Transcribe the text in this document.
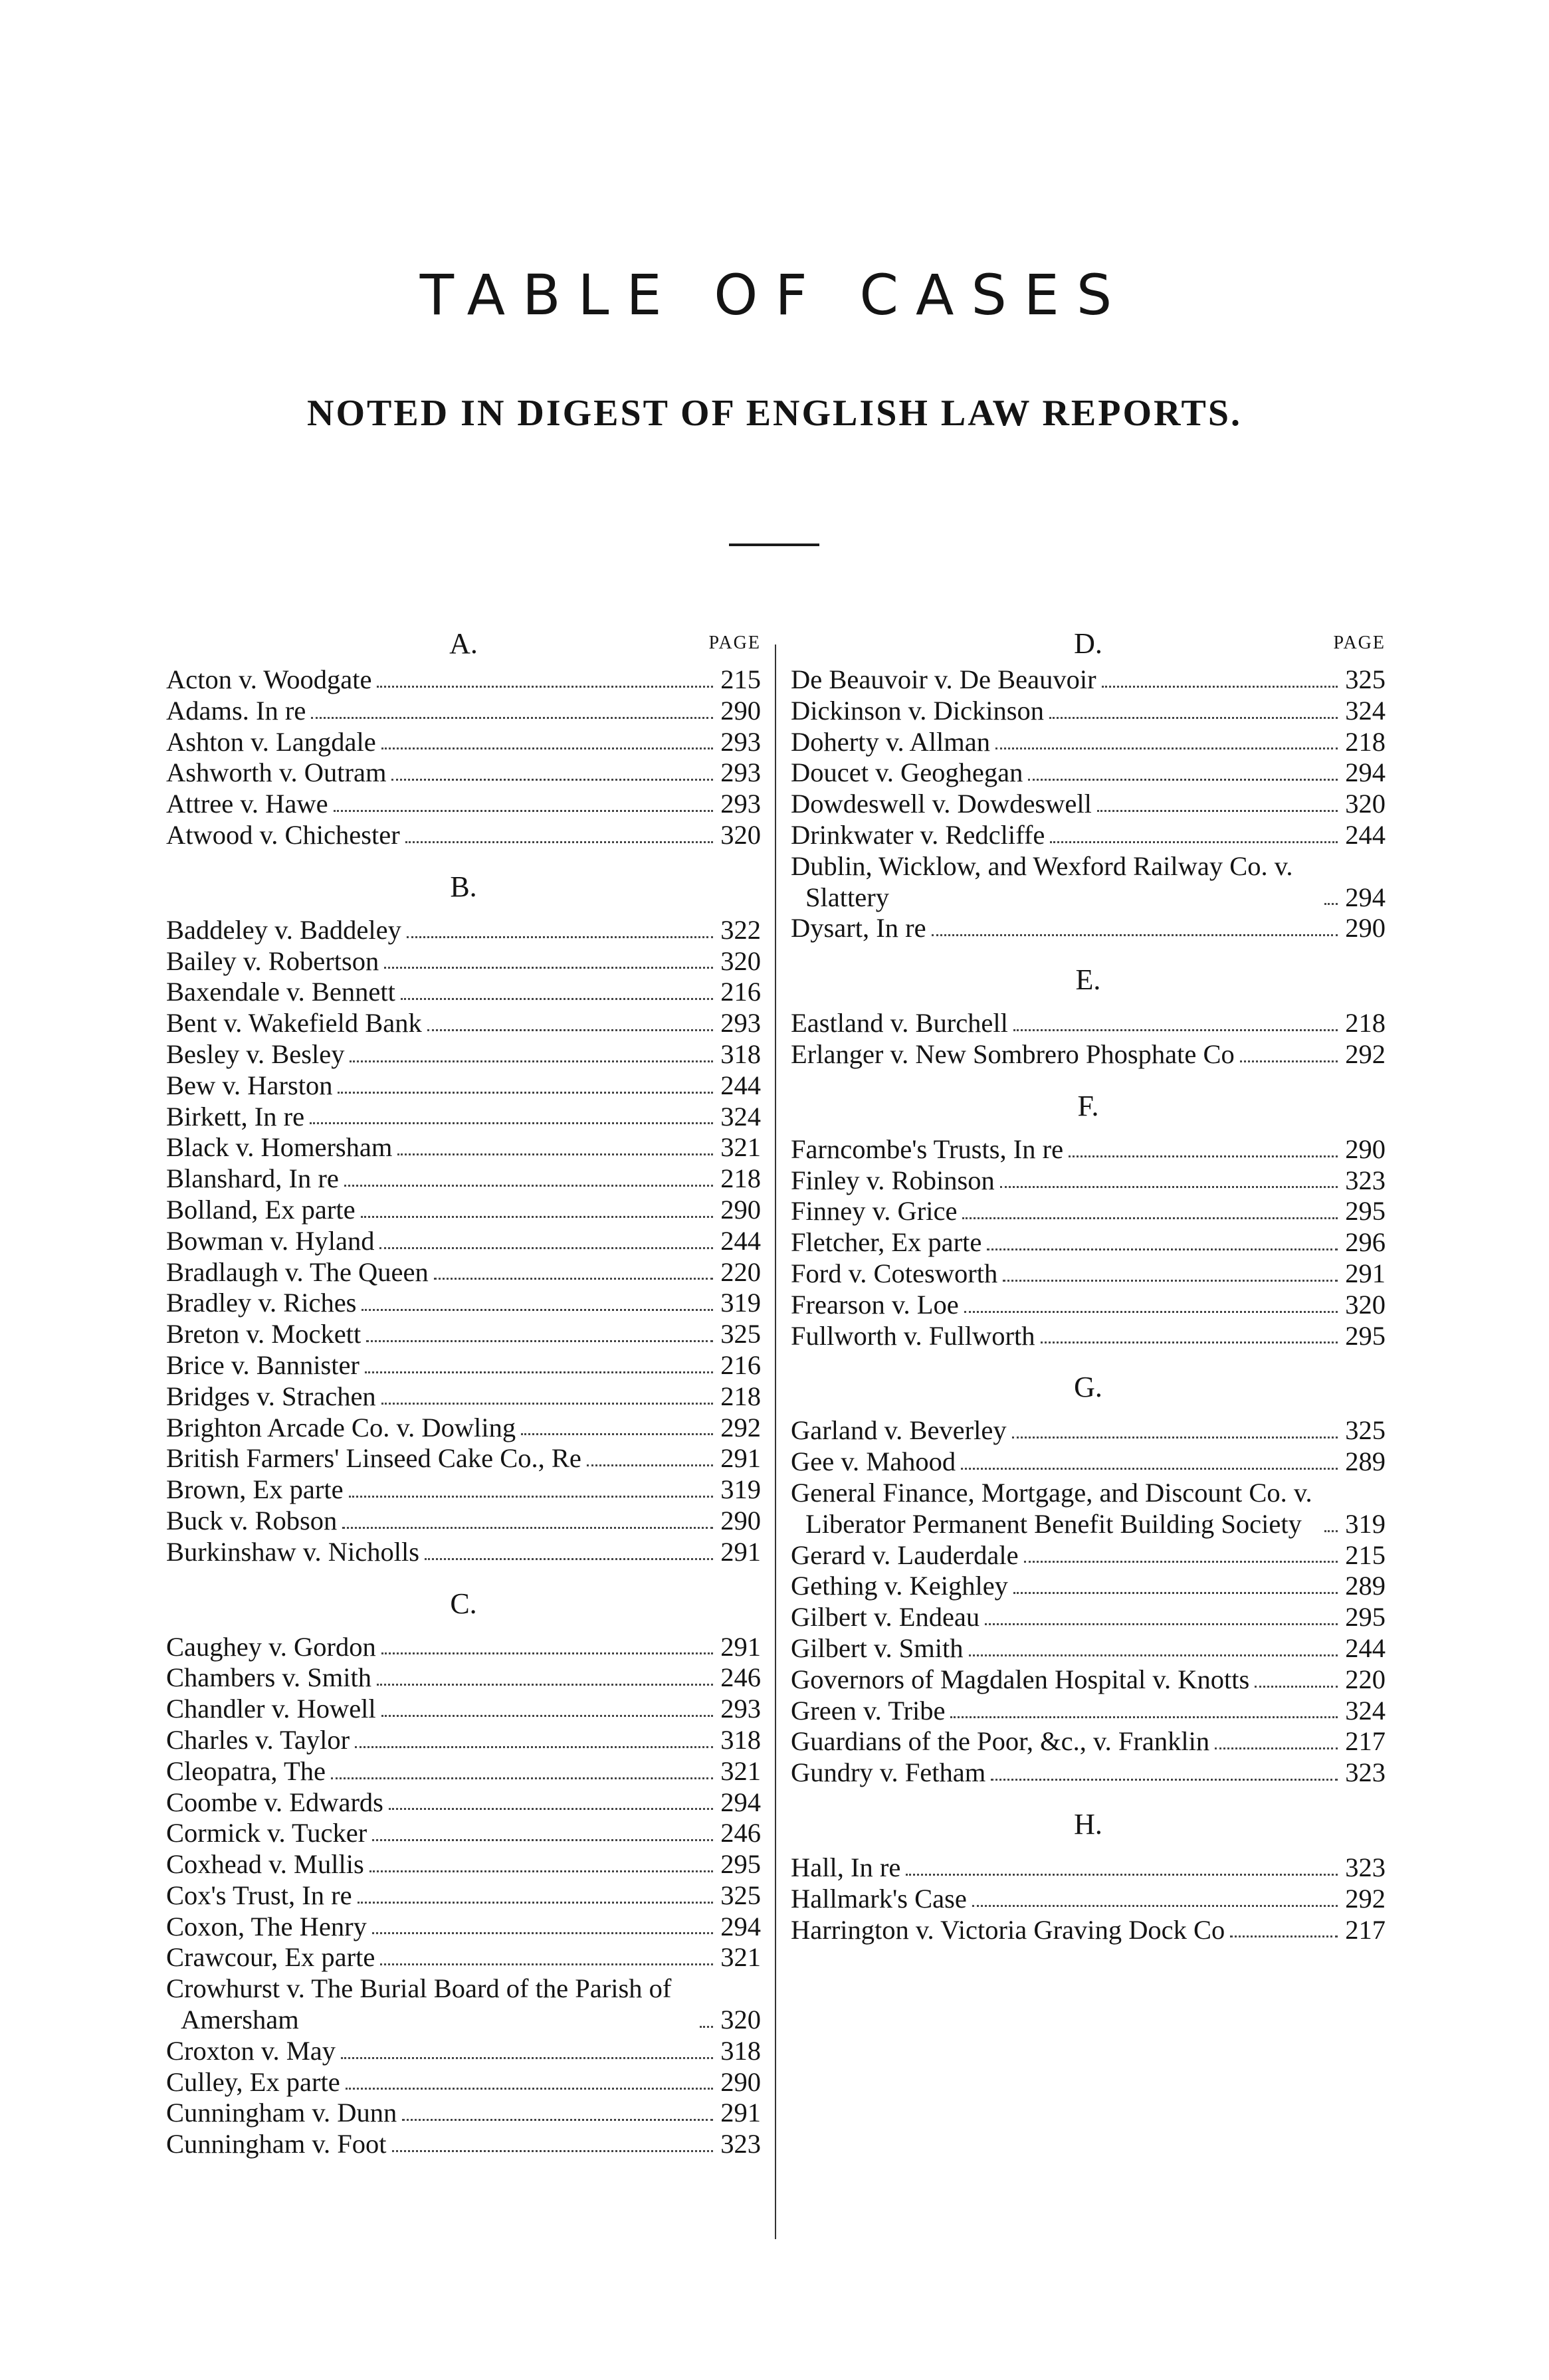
TABLE OF CASES
NOTED IN DIGEST OF ENGLISH LAW REPORTS.
A.	PAGE
Acton v. Woodgate	215
Adams. In re	290
Ashton v. Langdale	293
Ashworth v. Outram	293
Attree v. Hawe	293
Atwood v. Chichester	320
B.
Baddeley v. Baddeley	322
Bailey v. Robertson	320
Baxendale v. Bennett	216
Bent v. Wakefield Bank	293
Besley v. Besley	318
Bew v. Harston	244
Birkett, In re	324
Black v. Homersham	321
Blanshard, In re	218
Bolland, Ex parte	290
Bowman v. Hyland	244
Bradlaugh v. The Queen	220
Bradley v. Riches	319
Breton v. Mockett	325
Brice v. Bannister	216
Bridges v. Strachen	218
Brighton Arcade Co. v. Dowling	292
British Farmers' Linseed Cake Co., Re	291
Brown, Ex parte	319
Buck v. Robson	290
Burkinshaw v. Nicholls	291
C.
Caughey v. Gordon	291
Chambers v. Smith	246
Chandler v. Howell	293
Charles v. Taylor	318
Cleopatra, The	321
Coombe v. Edwards	294
Cormick v. Tucker	246
Coxhead v. Mullis	295
Cox's Trust, In re	325
Coxon, The Henry	294
Crawcour, Ex parte	321
Crowhurst v. The Burial Board of the Parish of Amersham	320
Croxton v. May	318
Culley, Ex parte	290
Cunningham v. Dunn	291
Cunningham v. Foot	323
D.	PAGE
De Beauvoir v. De Beauvoir	325
Dickinson v. Dickinson	324
Doherty v. Allman	218
Doucet v. Geoghegan	294
Dowdeswell v. Dowdeswell	320
Drinkwater v. Redcliffe	244
Dublin, Wicklow, and Wexford Railway Co. v. Slattery	294
Dysart, In re	290
E.
Eastland v. Burchell	218
Erlanger v. New Sombrero Phosphate Co	292
F.
Farncombe's Trusts, In re	290
Finley v. Robinson	323
Finney v. Grice	295
Fletcher, Ex parte	296
Ford v. Cotesworth	291
Frearson v. Loe	320
Fullworth v. Fullworth	295
G.
Garland v. Beverley	325
Gee v. Mahood	289
General Finance, Mortgage, and Discount Co. v. Liberator Permanent Benefit Building Society	319
Gerard v. Lauderdale	215
Gething v. Keighley	289
Gilbert v. Endeau	295
Gilbert v. Smith	244
Governors of Magdalen Hospital v. Knotts	220
Green v. Tribe	324
Guardians of the Poor, &c., v. Franklin	217
Gundry v. Fetham	323
H.
Hall, In re	323
Hallmark's Case	292
Harrington v. Victoria Graving Dock Co	217
